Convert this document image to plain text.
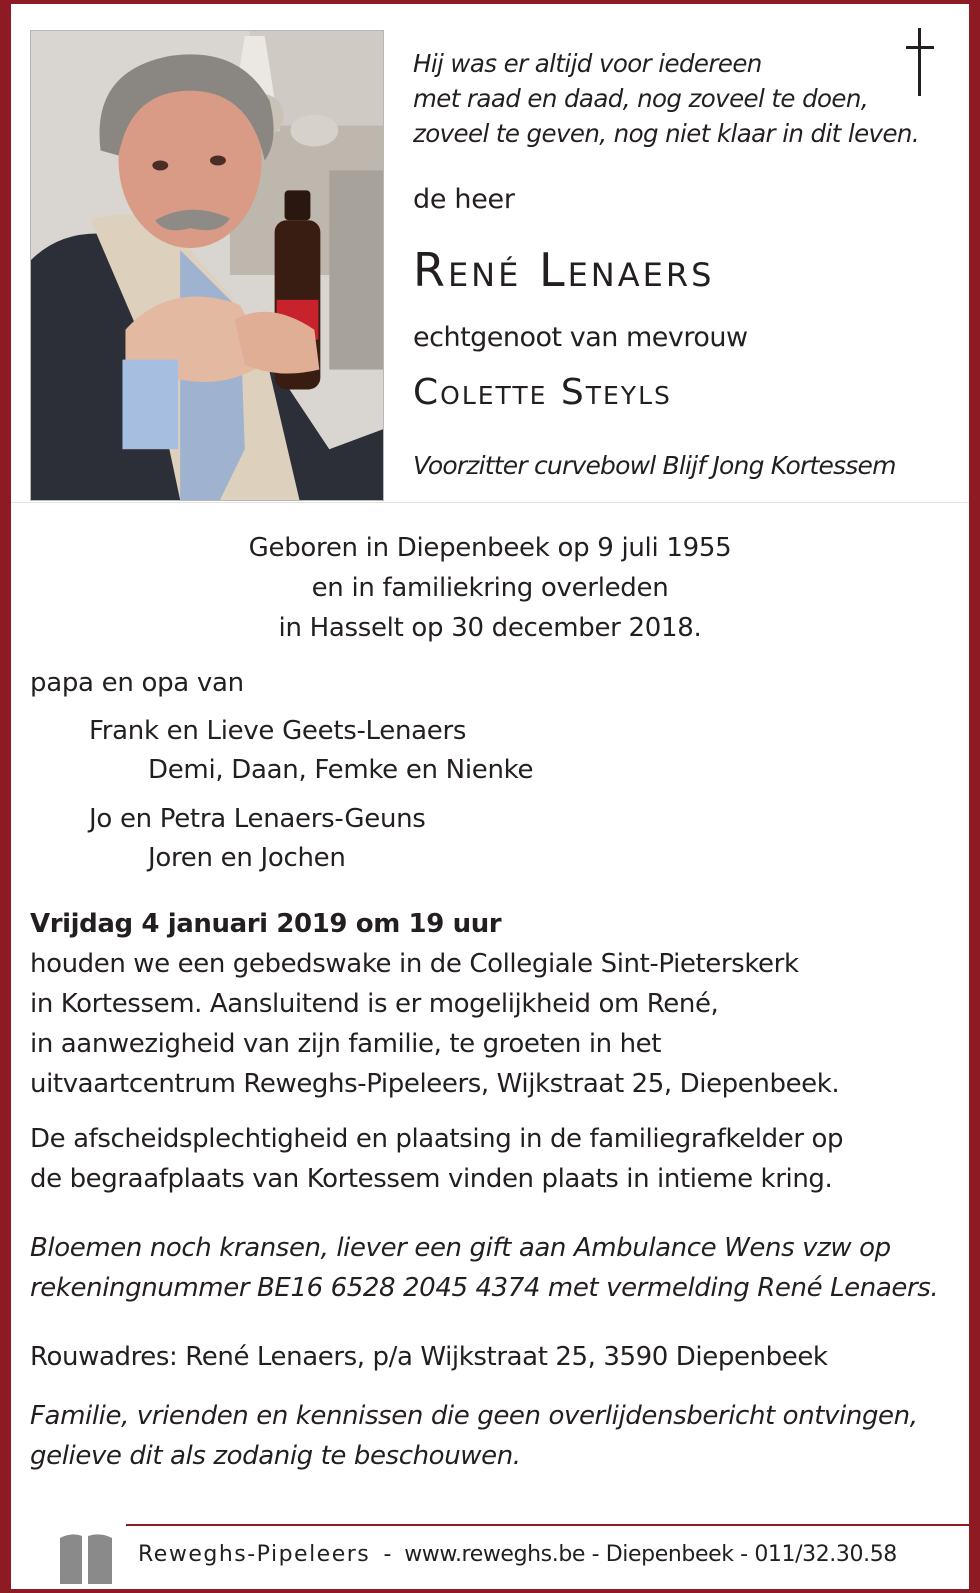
Hij was er altijd voor iedereen
met raad en daad, nog zoveel te doen,
zoveel te geven, nog niet klaar in dit leven.
de heer
René Lenaers
echtgenoot van mevrouw
Colette Steyls
Voorzitter curvebowl Blijf Jong Kortessem
Geboren in Diepenbeek op 9 juli 1955
en in familiekring overleden
in Hasselt op 30 december 2018.
papa en opa van
Frank en Lieve Geets-Lenaers
Demi, Daan, Femke en Nienke
Jo en Petra Lenaers-Geuns
Joren en Jochen
Vrijdag 4 januari 2019 om 19 uur
houden we een gebedswake in de Collegiale Sint-Pieterskerk
in Kortessem. Aansluitend is er mogelijkheid om René,
in aanwezigheid van zijn familie, te groeten in het
uitvaartcentrum Reweghs-Pipeleers, Wijkstraat 25, Diepenbeek.
De afscheidsplechtigheid en plaatsing in de familiegrafkelder op
de begraafplaats van Kortessem vinden plaats in intieme kring.
Bloemen noch kransen, liever een gift aan Ambulance Wens vzw op
rekeningnummer BE16 6528 2045 4374 met vermelding René Lenaers.
Rouwadres: René Lenaers, p/a Wijkstraat 25, 3590 Diepenbeek
Familie, vrienden en kennissen die geen overlijdensbericht ontvingen,
gelieve dit als zodanig te beschouwen.
Reweghs-Pipeleers - www.reweghs.be - Diepenbeek - 011/32.30.58
